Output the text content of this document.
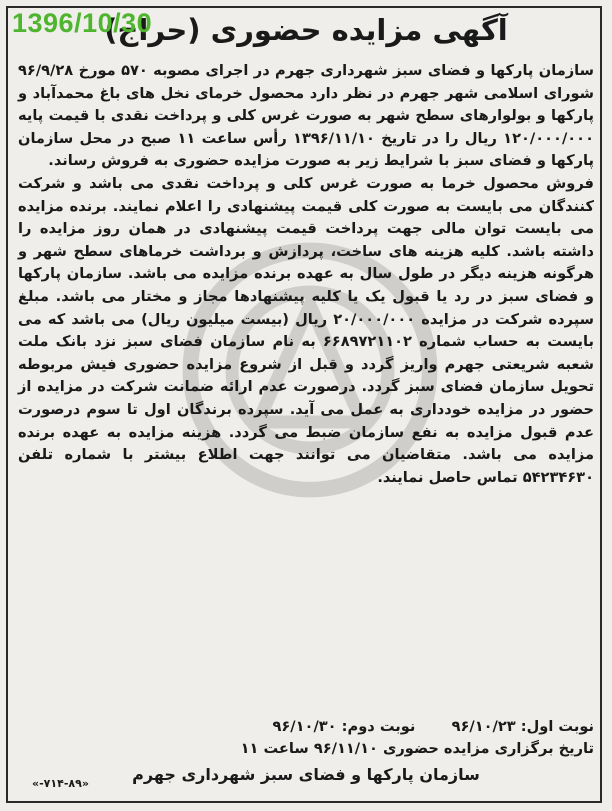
1396/10/30
آگهی مزایده حضوری (حراج)

سازمان پارکها و فضای سبز شهرداری جهرم در اجرای مصوبه ۵۷۰ مورخ ۹۶/۹/۲۸ شورای اسلامی شهر جهرم در نظر دارد محصول خرمای نخل های باغ محمدآباد و پارکها و بولوارهای سطح شهر به صورت غرس کلی و پرداخت نقدی با قیمت پایه ۱۲۰/۰۰۰/۰۰۰ ریال را در تاریخ ۱۳۹۶/۱۱/۱۰ رأس ساعت ۱۱ صبح در محل سازمان پارکها و فضای سبز با شرایط زیر به صورت مزایده حضوری به فروش رساند.

فروش محصول خرما به صورت غرس کلی و پرداخت نقدی می باشد و شرکت کنندگان می بایست به صورت کلی قیمت پیشنهادی را اعلام نمایند. برنده مزایده می بایست توان مالی جهت پرداخت قیمت پیشنهادی در همان روز مزایده را داشته باشد. کلیه هزینه های ساخت، پردازش و برداشت خرماهای سطح شهر و هرگونه هزینه دیگر در طول سال به عهده برنده مزایده می باشد. سازمان پارکها و فضای سبز در رد یا قبول یک یا کلیه پیشنهادها مجاز و مختار می باشد. مبلغ سپرده شرکت در مزایده ۲۰/۰۰۰/۰۰۰ ریال (بیست میلیون ریال) می باشد که می بایست به حساب شماره ۶۶۸۹۷۲۱۱۰۲ به نام سازمان فضای سبز نزد بانک ملت شعبه شریعتی جهرم واریز گردد و قبل از شروع مزایده حضوری فیش مربوطه تحویل سازمان فضای سبز گردد. درصورت عدم ارائه ضمانت شرکت در مزایده از حضور در مزایده خودداری به عمل می آید. سپرده برندگان اول تا سوم درصورت عدم قبول مزایده به نفع سازمان ضبط می گردد. هزینه مزایده به عهده برنده مزایده می باشد. متقاضیان می توانند جهت اطلاع بیشتر با شماره تلفن ۵۴۲۳۴۶۳۰ تماس حاصل نمایند.

نوبت اول: ۹۶/۱۰/۲۳  نوبت دوم: ۹۶/۱۰/۳۰
تاریخ برگزاری مزایده حضوری ۹۶/۱۱/۱۰ ساعت ۱۱
سازمان پارکها و فضای سبز شهرداری جهرم
«۷۱۴-۸۹-»
